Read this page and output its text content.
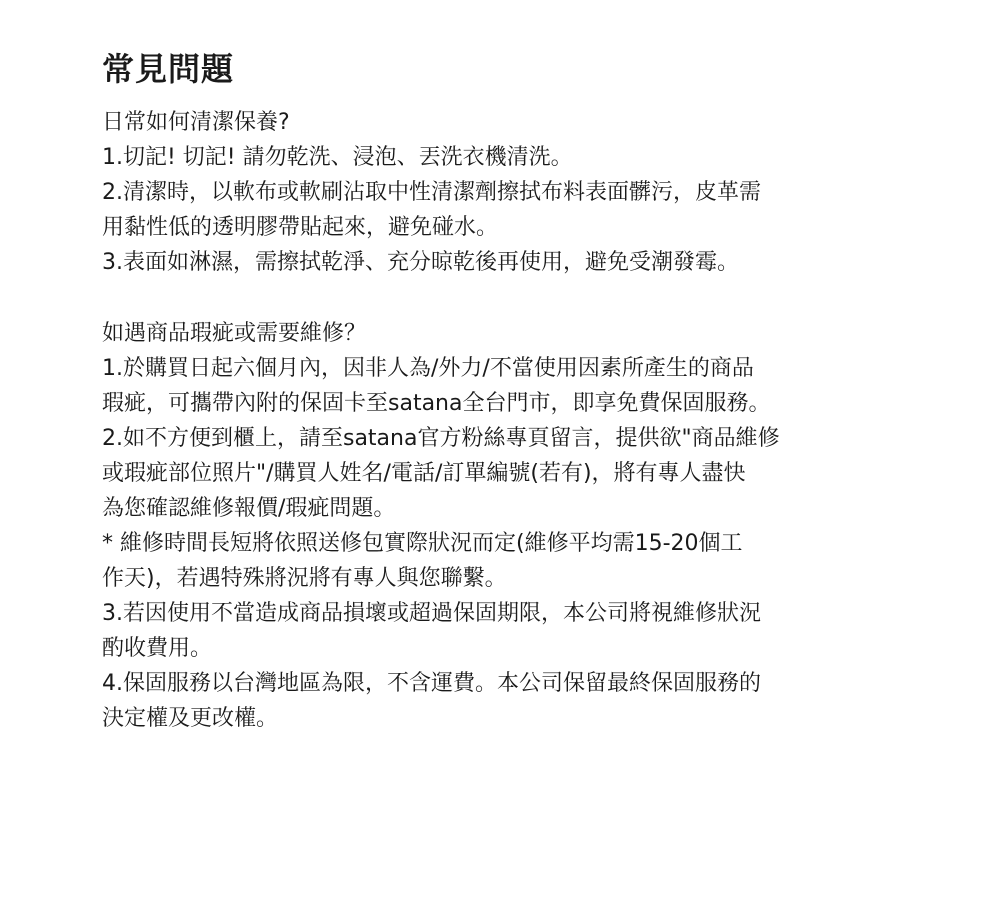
常見問題
日常如何清潔保養?
1.切記! 切記! 請勿乾洗、浸泡、丟洗衣機清洗。
2.清潔時，以軟布或軟刷沾取中性清潔劑擦拭布料表面髒污，皮革需
用黏性低的透明膠帶貼起來，避免碰水。
3.表面如淋濕，需擦拭乾淨、充分晾乾後再使用，避免受潮發霉。
如遇商品瑕疵或需要維修？
1.於購買日起六個月內，因非人為/外力/不當使用因素所產生的商品
瑕疵，可攜帶內附的保固卡至satana全台門市，即享免費保固服務。
2.如不方便到櫃上，請至satana官方粉絲專頁留言，提供欲"商品維修
或瑕疵部位照片"/購買人姓名/電話/訂單編號(若有)，將有專人盡快
為您確認維修報價/瑕疵問題。
* 維修時間長短將依照送修包實際狀況而定(維修平均需15-20個工
作天)，若遇特殊將況將有專人與您聯繫。
3.若因使用不當造成商品損壞或超過保固期限，本公司將視維修狀況
酌收費用。
4.保固服務以台灣地區為限，不含運費。本公司保留最終保固服務的
決定權及更改權。
